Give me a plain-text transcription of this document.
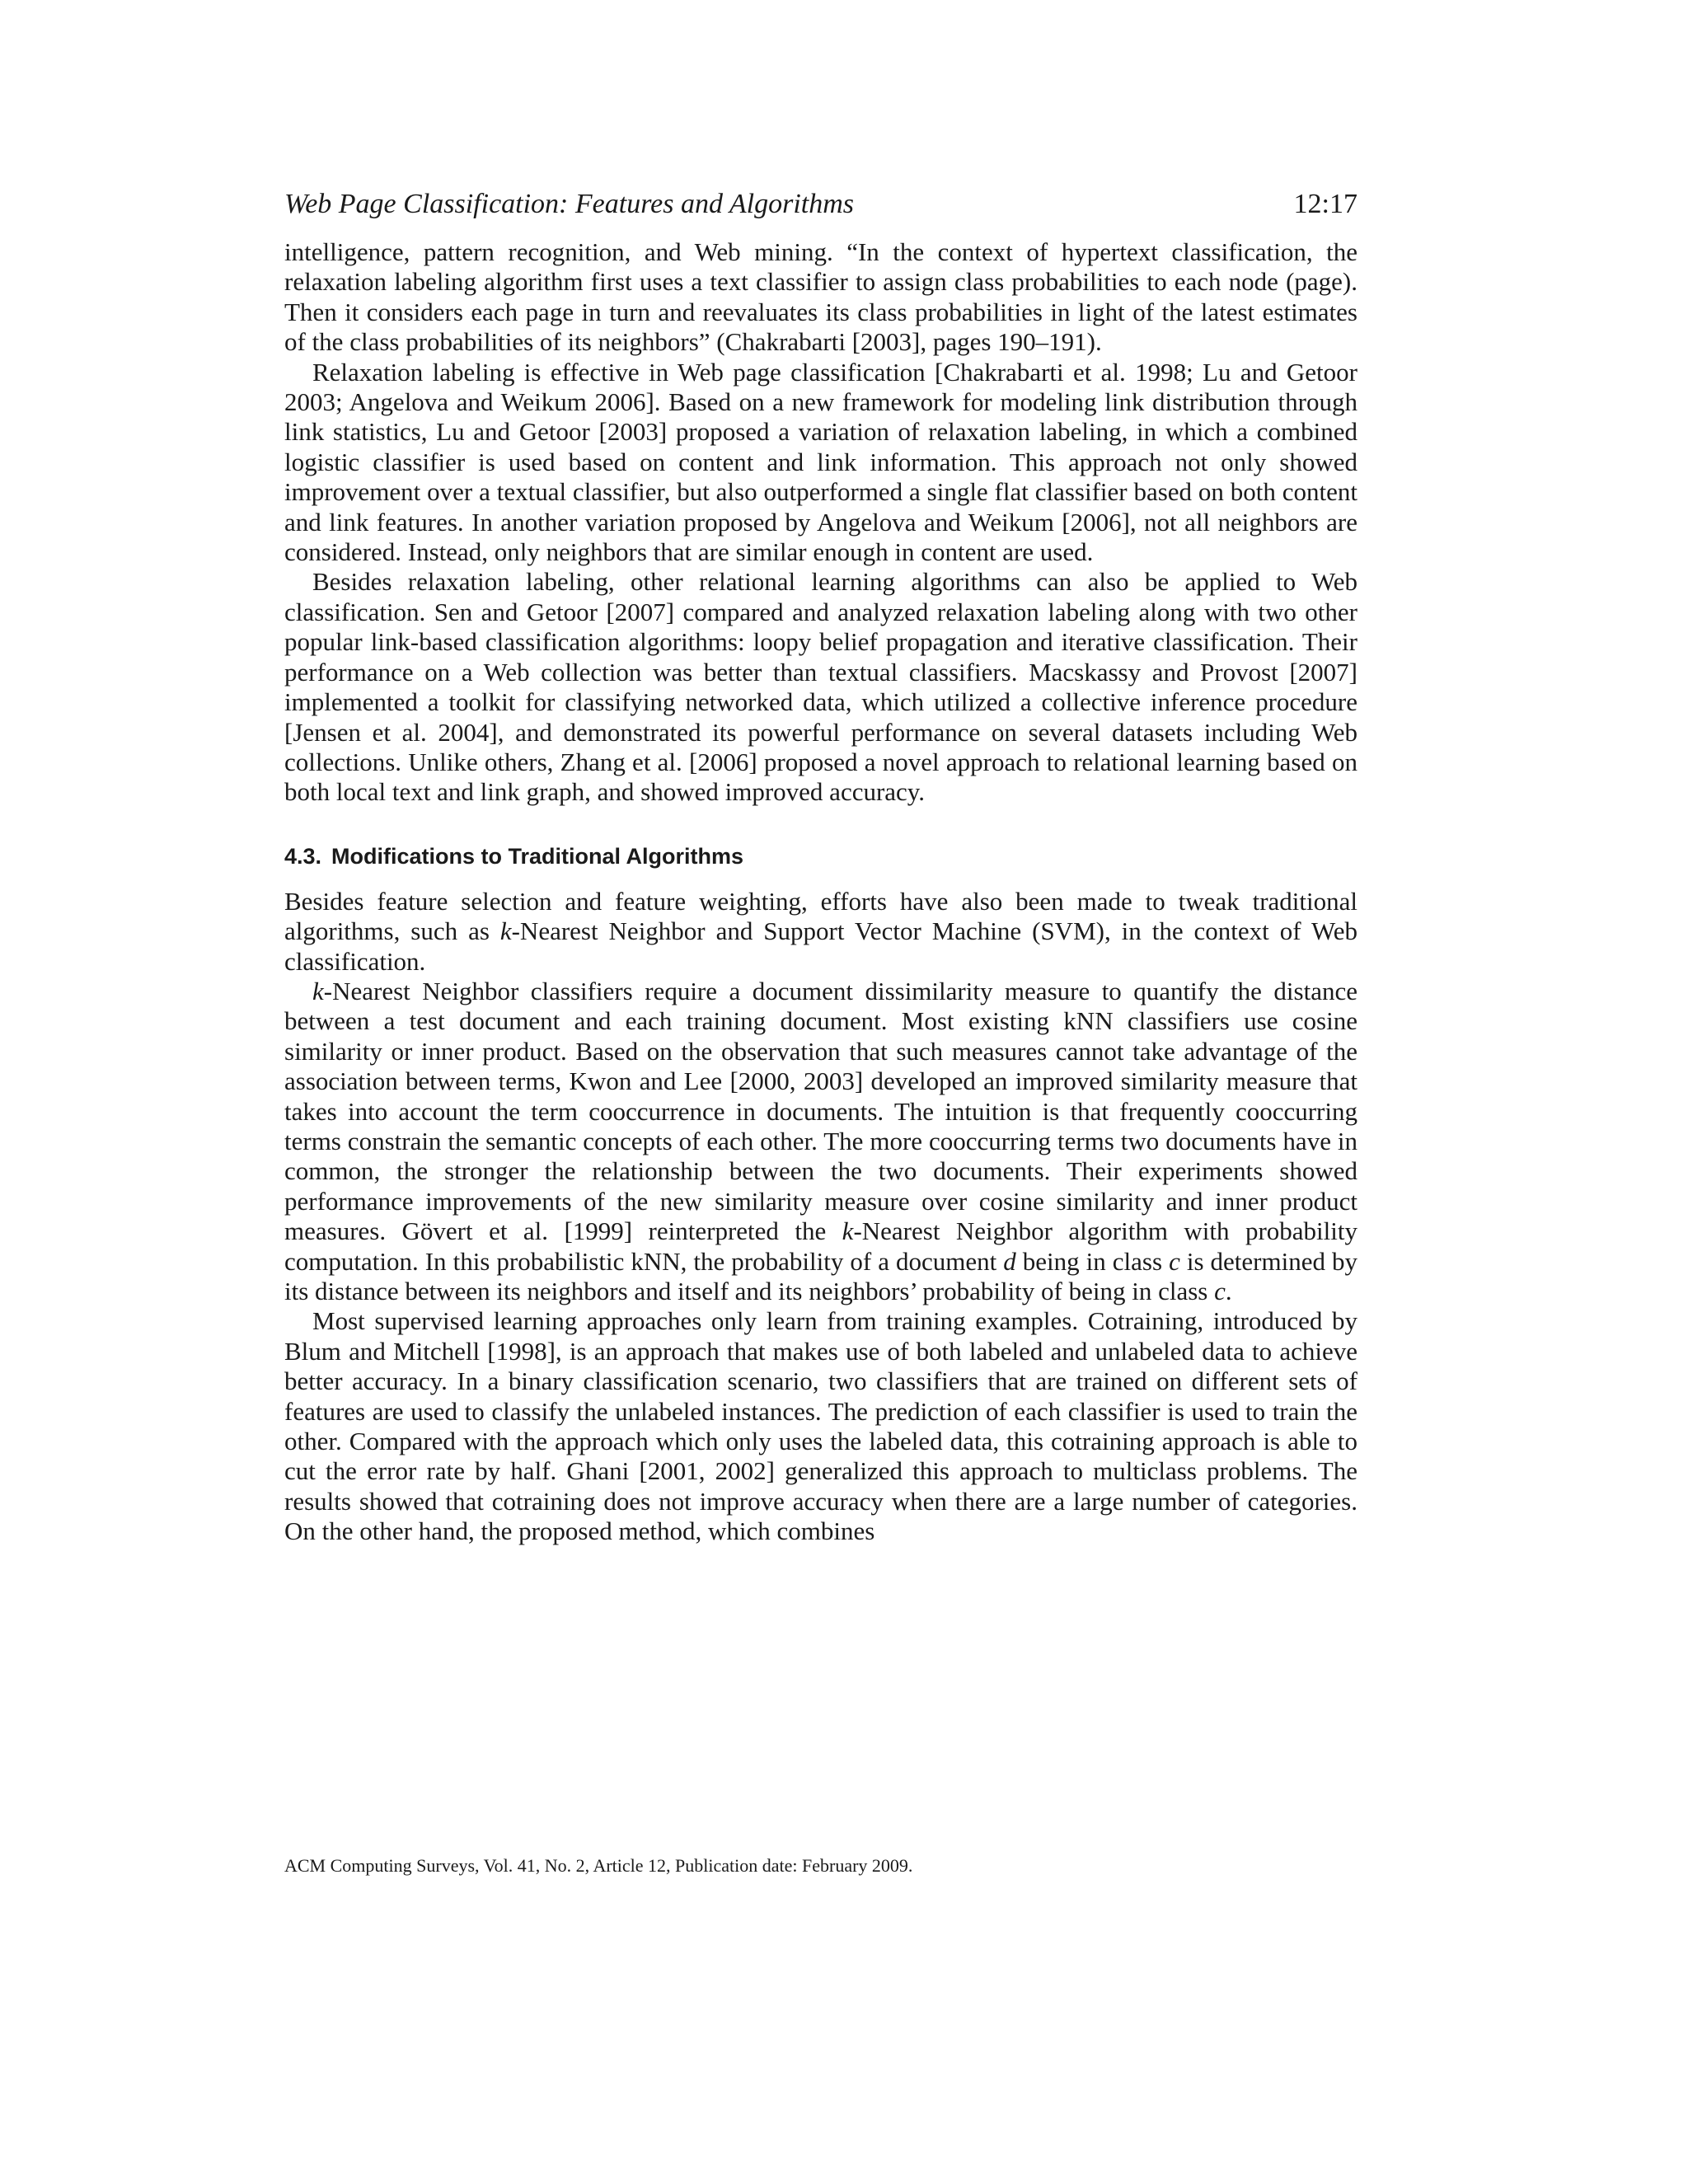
Web Page Classification: Features and Algorithms	12:17

intelligence, pattern recognition, and Web mining. “In the context of hypertext classification, the relaxation labeling algorithm first uses a text classifier to assign class probabilities to each node (page). Then it considers each page in turn and reevaluates its class probabilities in light of the latest estimates of the class probabilities of its neighbors” (Chakrabarti [2003], pages 190–191).

Relaxation labeling is effective in Web page classification [Chakrabarti et al. 1998; Lu and Getoor 2003; Angelova and Weikum 2006]. Based on a new framework for modeling link distribution through link statistics, Lu and Getoor [2003] proposed a variation of relaxation labeling, in which a combined logistic classifier is used based on content and link information. This approach not only showed improvement over a textual classifier, but also outperformed a single flat classifier based on both content and link features. In another variation proposed by Angelova and Weikum [2006], not all neighbors are considered. Instead, only neighbors that are similar enough in content are used.

Besides relaxation labeling, other relational learning algorithms can also be applied to Web classification. Sen and Getoor [2007] compared and analyzed relaxation labeling along with two other popular link-based classification algorithms: loopy belief propagation and iterative classification. Their performance on a Web collection was better than textual classifiers. Macskassy and Provost [2007] implemented a toolkit for classifying networked data, which utilized a collective inference procedure [Jensen et al. 2004], and demonstrated its powerful performance on several datasets including Web collections. Unlike others, Zhang et al. [2006] proposed a novel approach to relational learning based on both local text and link graph, and showed improved accuracy.

4.3. Modifications to Traditional Algorithms

Besides feature selection and feature weighting, efforts have also been made to tweak traditional algorithms, such as k-Nearest Neighbor and Support Vector Machine (SVM), in the context of Web classification.

k-Nearest Neighbor classifiers require a document dissimilarity measure to quantify the distance between a test document and each training document. Most existing kNN classifiers use cosine similarity or inner product. Based on the observation that such measures cannot take advantage of the association between terms, Kwon and Lee [2000, 2003] developed an improved similarity measure that takes into account the term cooccurrence in documents. The intuition is that frequently cooccurring terms constrain the semantic concepts of each other. The more cooccurring terms two documents have in common, the stronger the relationship between the two documents. Their experiments showed performance improvements of the new similarity measure over cosine similarity and inner product measures. Gövert et al. [1999] reinterpreted the k-Nearest Neighbor algorithm with probability computation. In this probabilistic kNN, the probability of a document d being in class c is determined by its distance between its neighbors and itself and its neighbors’ probability of being in class c.

Most supervised learning approaches only learn from training examples. Cotraining, introduced by Blum and Mitchell [1998], is an approach that makes use of both labeled and unlabeled data to achieve better accuracy. In a binary classification scenario, two classifiers that are trained on different sets of features are used to classify the unlabeled instances. The prediction of each classifier is used to train the other. Compared with the approach which only uses the labeled data, this cotraining approach is able to cut the error rate by half. Ghani [2001, 2002] generalized this approach to multiclass problems. The results showed that cotraining does not improve accuracy when there are a large number of categories. On the other hand, the proposed method, which combines

ACM Computing Surveys, Vol. 41, No. 2, Article 12, Publication date: February 2009.
